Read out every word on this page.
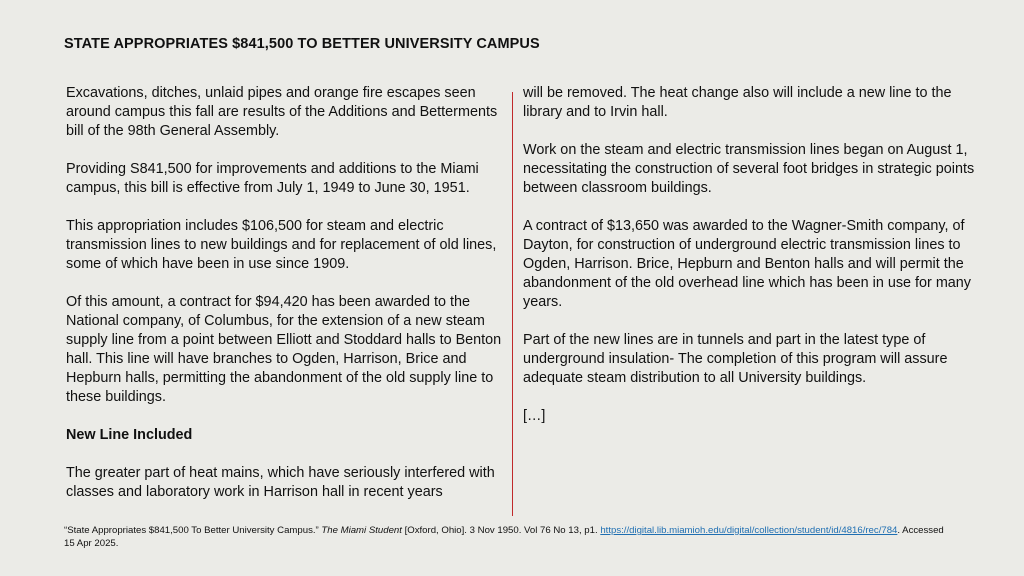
STATE APPROPRIATES $841,500 TO BETTER UNIVERSITY CAMPUS

Excavations, ditches, unlaid pipes and orange fire escapes seen around campus this fall are results of the Additions and Betterments bill of the 98th General Assembly.

Providing S841,500 for improvements and additions to the Miami campus, this bill is effective from July 1, 1949 to June 30, 1951.

This appropriation includes $106,500 for steam and electric transmission lines to new buildings and for replacement of old lines, some of which have been in use since 1909.

Of this amount, a contract for $94,420 has been awarded to the National company, of Columbus, for the extension of a new steam supply line from a point between Elliott and Stoddard halls to Benton hall. This line will have branches to Ogden, Harrison, Brice and Hepburn halls, permitting the abandonment of the old supply line to these buildings.

New Line Included

The greater part of heat mains, which have seriously interfered with classes and laboratory work in Harrison hall in recent years

will be removed. The heat change also will include a new line to the library and to Irvin hall.

Work on the steam and electric transmission lines began on August 1, necessitating the construction of several foot bridges in strategic points between classroom buildings.

A contract of $13,650 was awarded to the Wagner-Smith company, of Dayton, for construction of underground electric transmission lines to Ogden, Harrison. Brice, Hepburn and Benton halls and will permit the abandonment of the old overhead line which has been in use for many years.

Part of the new lines are in tunnels and part in the latest type of underground insulation- The completion of this program will assure adequate steam distribution to all University buildings.

[…]

“State Appropriates $841,500 To Better University Campus.” The Miami Student [Oxford, Ohio]. 3 Nov 1950. Vol 76 No 13, p1. https://digital.lib.miamioh.edu/digital/collection/student/id/4816/rec/784. Accessed 15 Apr 2025.
